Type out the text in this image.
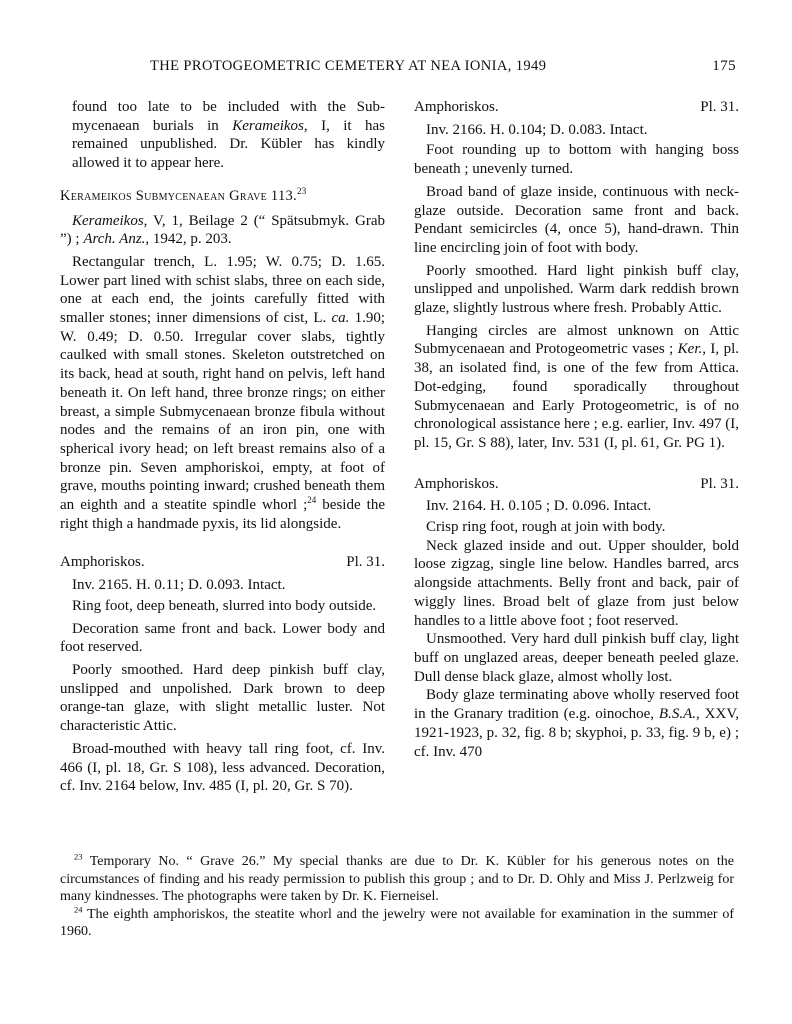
THE PROTOGEOMETRIC CEMETERY AT NEA IONIA, 1949	175

found too late to be included with the Sub- mycenaean burials in Kerameikos, I, it has remained unpublished. Dr. Kübler has kindly allowed it to appear here.

Kerameikos Submycenaean Grave 113.23

Kerameikos, V, 1, Beilage 2 (“ Spätsubmyk. Grab ”) ; Arch. Anz., 1942, p. 203.

Rectangular trench, L. 1.95; W. 0.75; D. 1.65. Lower part lined with schist slabs, three on each side, one at each end, the joints carefully fitted with smaller stones; inner dimensions of cist, L. ca. 1.90; W. 0.49; D. 0.50. Irregular cover slabs, tightly caulked with small stones. Skeleton outstretched on its back, head at south, right hand on pelvis, left hand beneath it. On left hand, three bronze rings; on either breast, a simple Submycenaean bronze fibula without nodes and the remains of an iron pin, one with spherical ivory head; on left breast remains also of a bronze pin. Seven amphoriskoi, empty, at foot of grave, mouths pointing inward; crushed beneath them an eighth and a steatite spindle whorl ;$^{24}$ beside the right thigh a handmade pyxis, its lid alongside.

Amphoriskos.	Pl. 31.

Inv. 2165. H. 0.11; D. 0.093. Intact.

Ring foot, deep beneath, slurred into body outside.

Decoration same front and back. Lower body and foot reserved.

Poorly smoothed. Hard deep pinkish buff clay, unslipped and unpolished. Dark brown to deep orange-tan glaze, with slight metallic luster. Not characteristic Attic.

Broad-mouthed with heavy tall ring foot, cf. Inv. 466 (I, pl. 18, Gr. S 108), less advanced. Decoration, cf. Inv. 2164 below, Inv. 485 (I, pl. 20, Gr. S 70).

Amphoriskos.	Pl. 31.

Inv. 2166. H. 0.104; D. 0.083. Intact.

Foot rounding up to bottom with hanging boss beneath ; unevenly turned.

Broad band of glaze inside, continuous with neck-glaze outside. Decoration same front and back. Pendant semicircles (4, once 5), hand-drawn. Thin line encircling join of foot with body.

Poorly smoothed. Hard light pinkish buff clay, unslipped and unpolished. Warm dark reddish brown glaze, slightly lustrous where fresh. Probably Attic.

Hanging circles are almost unknown on Attic Submycenaean and Protogeometric vases ; Ker., I, pl. 38, an isolated find, is one of the few from Attica. Dot-edging, found sporadically throughout Submycenaean and Early Protogeometric, is of no chronological assistance here ; e.g. earlier, Inv. 497 (I, pl. 15, Gr. S 88), later, Inv. 531 (I, pl. 61, Gr. PG 1).

Amphoriskos.	Pl. 31.

Inv. 2164. H. 0.105 ; D. 0.096. Intact.

Crisp ring foot, rough at join with body.

Neck glazed inside and out. Upper shoulder, bold loose zigzag, single line below. Handles barred, arcs alongside attachments. Belly front and back, pair of wiggly lines. Broad belt of glaze from just below handles to a little above foot ; foot reserved.

Unsmoothed. Very hard dull pinkish buff clay, light buff on unglazed areas, deeper beneath peeled glaze. Dull dense black glaze, almost wholly lost.

Body glaze terminating above wholly reserved foot in the Granary tradition (e.g. oinochoe, B.S.A., XXV, 1921-1923, p. 32, fig. 8 b; skyphoi, p. 33, fig. 9 b, e) ; cf. Inv. 470

$^{23}$ Temporary No. “ Grave 26.” My special thanks are due to Dr. K. Kübler for his generous notes on the circumstances of finding and his ready permission to publish this group ; and to Dr. D. Ohly and Miss J. Perlzweig for many kindnesses. The photographs were taken by Dr. K. Fierneisel.

$^{24}$ The eighth amphoriskos, the steatite whorl and the jewelry were not available for examination in the summer of 1960.
